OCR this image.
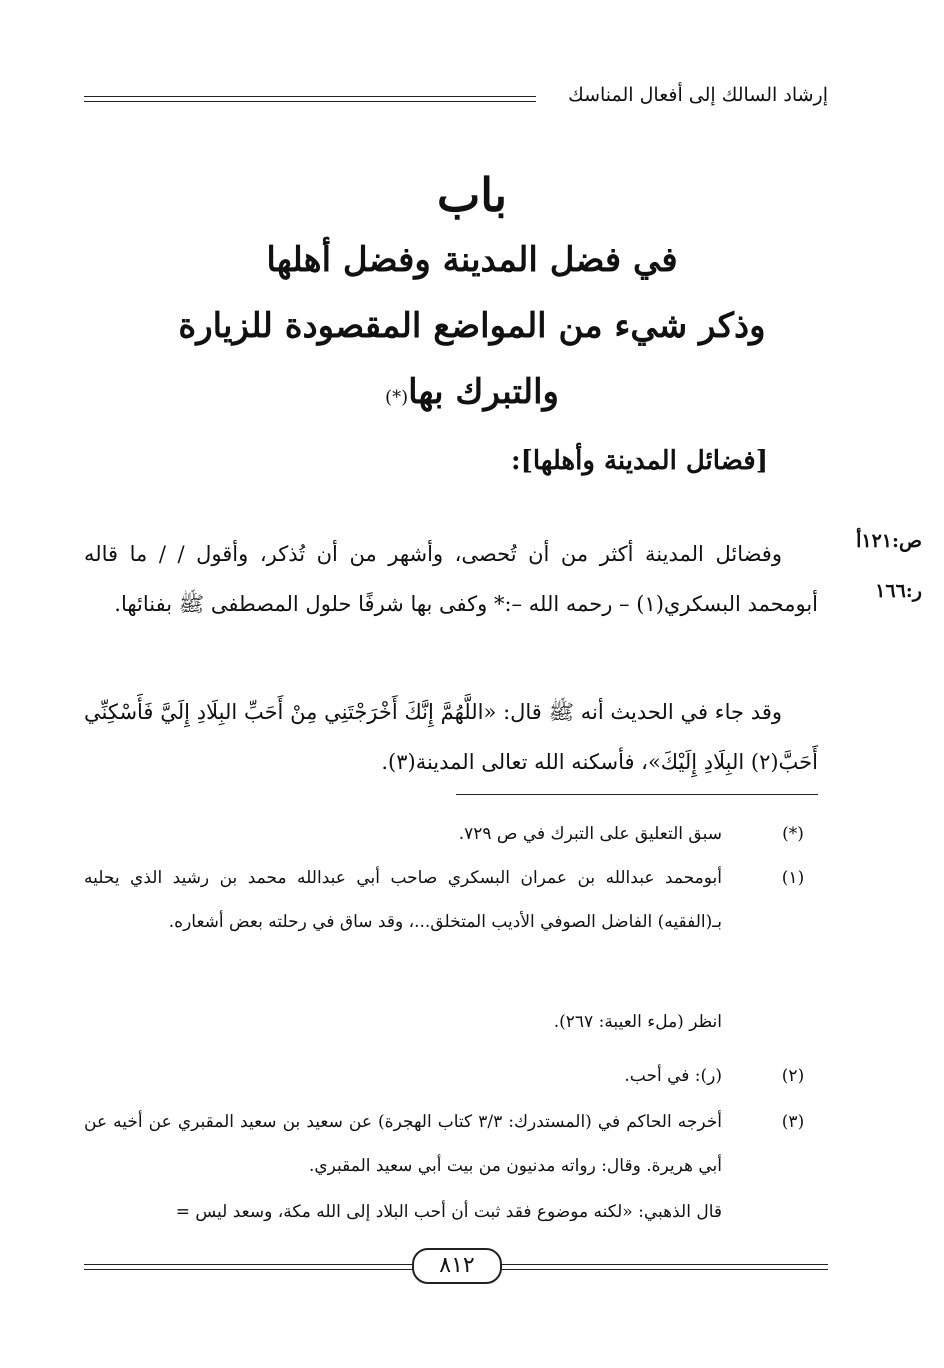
إرشاد السالك إلى أفعال المناسك
باب
في فضل المدينة وفضل أهلها
وذكر شيء من المواضع المقصودة للزيارة
والتبرك بها(*)
[فضائل المدينة وأهلها]:
ص:١٢١أ
ر:١٦٦

وفضائل المدينة أكثر من أن تُحصى، وأشهر من أن تُذكر، وأقول / / ما قاله أبومحمد البسكري(١) – رحمه الله –:* وكفى بها شرفًا حلول المصطفى ﷺ بفنائها.

وقد جاء في الحديث أنه ﷺ قال: «اللَّهُمَّ إِنَّكَ أَخْرَجْتَنِي مِنْ أَحَبِّ البِلَادِ إِلَيَّ فَأَسْكِنِّي أَحَبَّ(٢) البِلَادِ إِلَيْكَ»، فأسكنه الله تعالى المدينة(٣).

(*)
سبق التعليق على التبرك في ص ٧٢٩.
(١)
أبومحمد عبدالله بن عمران البسكري صاحب أبي عبدالله محمد بن رشيد الذي يحليه بـ(الفقيه) الفاضل الصوفي الأديب المتخلق...، وقد ساق في رحلته بعض أشعاره.
انظر (ملء العيبة: ٢٦٧).
(٢)
(ر): في أحب.
(٣)
أخرجه الحاكم في (المستدرك: ٣/٣ كتاب الهجرة) عن سعيد بن سعيد المقبري عن أخيه عن أبي هريرة. وقال: رواته مدنيون من بيت أبي سعيد المقبري.
قال الذهبي: «لكنه موضوع فقد ثبت أن أحب البلاد إلى الله مكة، وسعد ليس =
٨١٢
